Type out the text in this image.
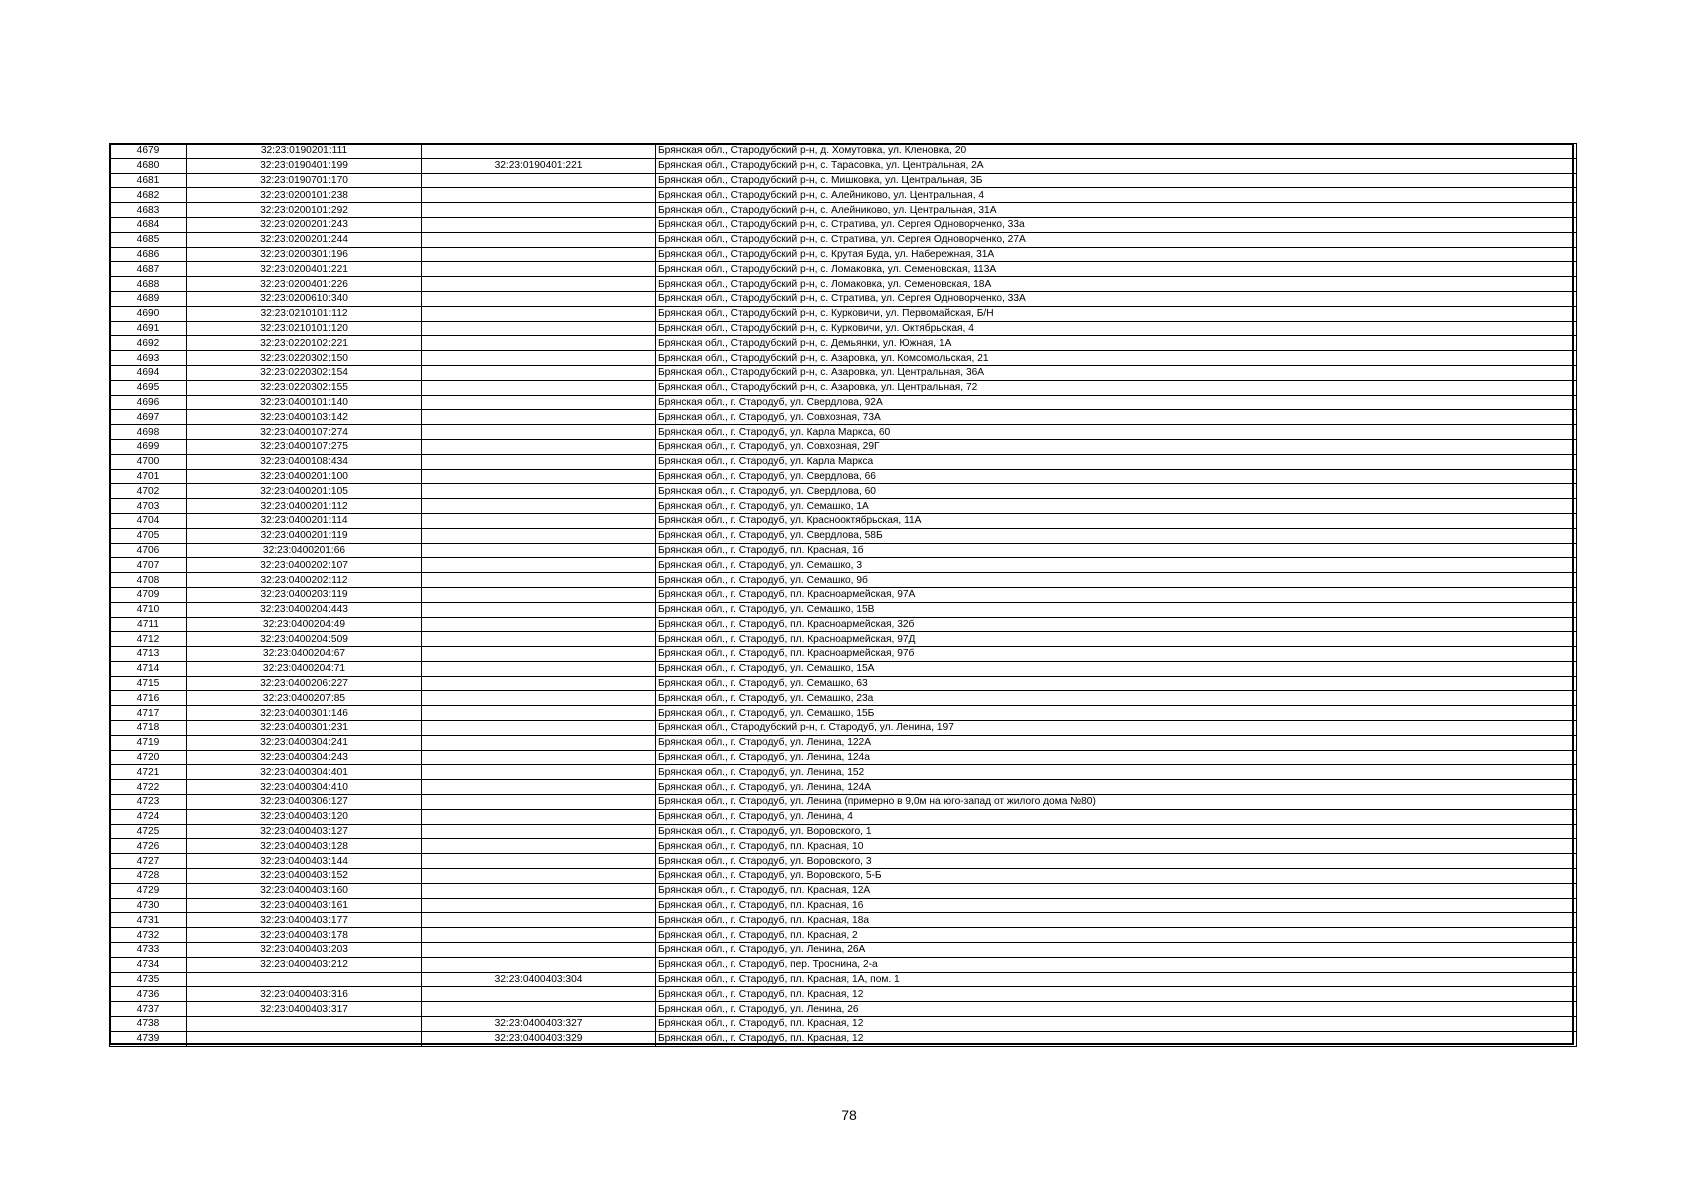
4679	32:23:0190201:111		Брянская обл., Стародубский р-н, д. Хомутовка, ул. Кленовка, 20
4680	32:23:0190401:199	32:23:0190401:221	Брянская обл., Стародубский р-н, с. Тарасовка, ул. Центральная, 2А
4681	32:23:0190701:170		Брянская обл., Стародубский р-н, с. Мишковка, ул. Центральная, 3Б
4682	32:23:0200101:238		Брянская обл., Стародубский р-н, с. Алейниково, ул. Центральная, 4
4683	32:23:0200101:292		Брянская обл., Стародубский р-н, с. Алейниково, ул. Центральная, 31А
4684	32:23:0200201:243		Брянская обл., Стародубский р-н, с. Стратива, ул. Сергея Одноворченко, 33а
4685	32:23:0200201:244		Брянская обл., Стародубский р-н, с. Стратива, ул. Сергея Одноворченко, 27А
4686	32:23:0200301:196		Брянская обл., Стародубский р-н, с. Крутая Буда, ул. Набережная, 31А
4687	32:23:0200401:221		Брянская обл., Стародубский р-н, с. Ломаковка, ул. Семеновская, 113А
4688	32:23:0200401:226		Брянская обл., Стародубский р-н, с. Ломаковка, ул. Семеновская, 18А
4689	32:23:0200610:340		Брянская обл., Стародубский р-н, с. Стратива, ул. Сергея Одноворченко, 33А
4690	32:23:0210101:112		Брянская обл., Стародубский р-н, с. Курковичи, ул. Первомайская, Б/Н
4691	32:23:0210101:120		Брянская обл., Стародубский р-н, с. Курковичи, ул. Октябрьская, 4
4692	32:23:0220102:221		Брянская обл., Стародубский р-н, с. Демьянки, ул. Южная, 1А
4693	32:23:0220302:150		Брянская обл., Стародубский р-н, с. Азаровка, ул. Комсомольская, 21
4694	32:23:0220302:154		Брянская обл., Стародубский р-н, с. Азаровка, ул. Центральная, 36А
4695	32:23:0220302:155		Брянская обл., Стародубский р-н, с. Азаровка, ул. Центральная, 72
4696	32:23:0400101:140		Брянская обл., г. Стародуб, ул. Свердлова, 92А
4697	32:23:0400103:142		Брянская обл., г. Стародуб, ул. Совхозная, 73А
4698	32:23:0400107:274		Брянская обл., г. Стародуб, ул. Карла Маркса, 60
4699	32:23:0400107:275		Брянская обл., г. Стародуб, ул. Совхозная, 29Г
4700	32:23:0400108:434		Брянская обл., г. Стародуб, ул. Карла Маркса
4701	32:23:0400201:100		Брянская обл., г. Стародуб, ул. Свердлова, 66
4702	32:23:0400201:105		Брянская обл., г. Стародуб, ул. Свердлова, 60
4703	32:23:0400201:112		Брянская обл., г. Стародуб, ул. Семашко, 1А
4704	32:23:0400201:114		Брянская обл., г. Стародуб, ул. Краснооктябрьская, 11А
4705	32:23:0400201:119		Брянская обл., г. Стародуб, ул. Свердлова, 58Б
4706	32:23:0400201:66		Брянская обл., г. Стародуб, пл. Красная, 1б
4707	32:23:0400202:107		Брянская обл., г. Стародуб, ул. Семашко, 3
4708	32:23:0400202:112		Брянская обл., г. Стародуб, ул. Семашко, 9б
4709	32:23:0400203:119		Брянская обл., г. Стародуб, пл. Красноармейская, 97А
4710	32:23:0400204:443		Брянская обл., г. Стародуб, ул. Семашко, 15В
4711	32:23:0400204:49		Брянская обл., г. Стародуб, пл. Красноармейская, 32б
4712	32:23:0400204:509		Брянская обл., г. Стародуб, пл. Красноармейская, 97Д
4713	32:23:0400204:67		Брянская обл., г. Стародуб, пл. Красноармейская, 97б
4714	32:23:0400204:71		Брянская обл., г. Стародуб, ул. Семашко, 15А
4715	32:23:0400206:227		Брянская обл., г. Стародуб, ул. Семашко, 63
4716	32:23:0400207:85		Брянская обл., г. Стародуб, ул. Семашко, 23а
4717	32:23:0400301:146		Брянская обл., г. Стародуб, ул. Семашко, 15Б
4718	32:23:0400301:231		Брянская обл., Стародубский р-н, г. Стародуб, ул. Ленина, 197
4719	32:23:0400304:241		Брянская обл., г. Стародуб, ул. Ленина, 122А
4720	32:23:0400304:243		Брянская обл., г. Стародуб, ул. Ленина, 124а
4721	32:23:0400304:401		Брянская обл., г. Стародуб, ул. Ленина, 152
4722	32:23:0400304:410		Брянская обл., г. Стародуб, ул. Ленина, 124А
4723	32:23:0400306:127		Брянская обл., г. Стародуб, ул. Ленина (примерно в 9,0м на юго-запад от жилого дома №80)
4724	32:23:0400403:120		Брянская обл., г. Стародуб, ул. Ленина, 4
4725	32:23:0400403:127		Брянская обл., г. Стародуб, ул. Воровского, 1
4726	32:23:0400403:128		Брянская обл., г. Стародуб, пл. Красная, 10
4727	32:23:0400403:144		Брянская обл., г. Стародуб, ул. Воровского, 3
4728	32:23:0400403:152		Брянская обл., г. Стародуб, ул. Воровского, 5-Б
4729	32:23:0400403:160		Брянская обл., г. Стародуб, пл. Красная, 12А
4730	32:23:0400403:161		Брянская обл., г. Стародуб, пл. Красная, 16
4731	32:23:0400403:177		Брянская обл., г. Стародуб, пл. Красная, 18а
4732	32:23:0400403:178		Брянская обл., г. Стародуб, пл. Красная, 2
4733	32:23:0400403:203		Брянская обл., г. Стародуб, ул. Ленина, 26А
4734	32:23:0400403:212		Брянская обл., г. Стародуб, пер. Троснина, 2-а
4735		32:23:0400403:304	Брянская обл., г. Стародуб, пл. Красная, 1А, пом. 1
4736	32:23:0400403:316		Брянская обл., г. Стародуб, пл. Красная, 12
4737	32:23:0400403:317		Брянская обл., г. Стародуб, ул. Ленина, 26
4738		32:23:0400403:327	Брянская обл., г. Стародуб, пл. Красная, 12
4739		32:23:0400403:329	Брянская обл., г. Стародуб, пл. Красная, 12
78
